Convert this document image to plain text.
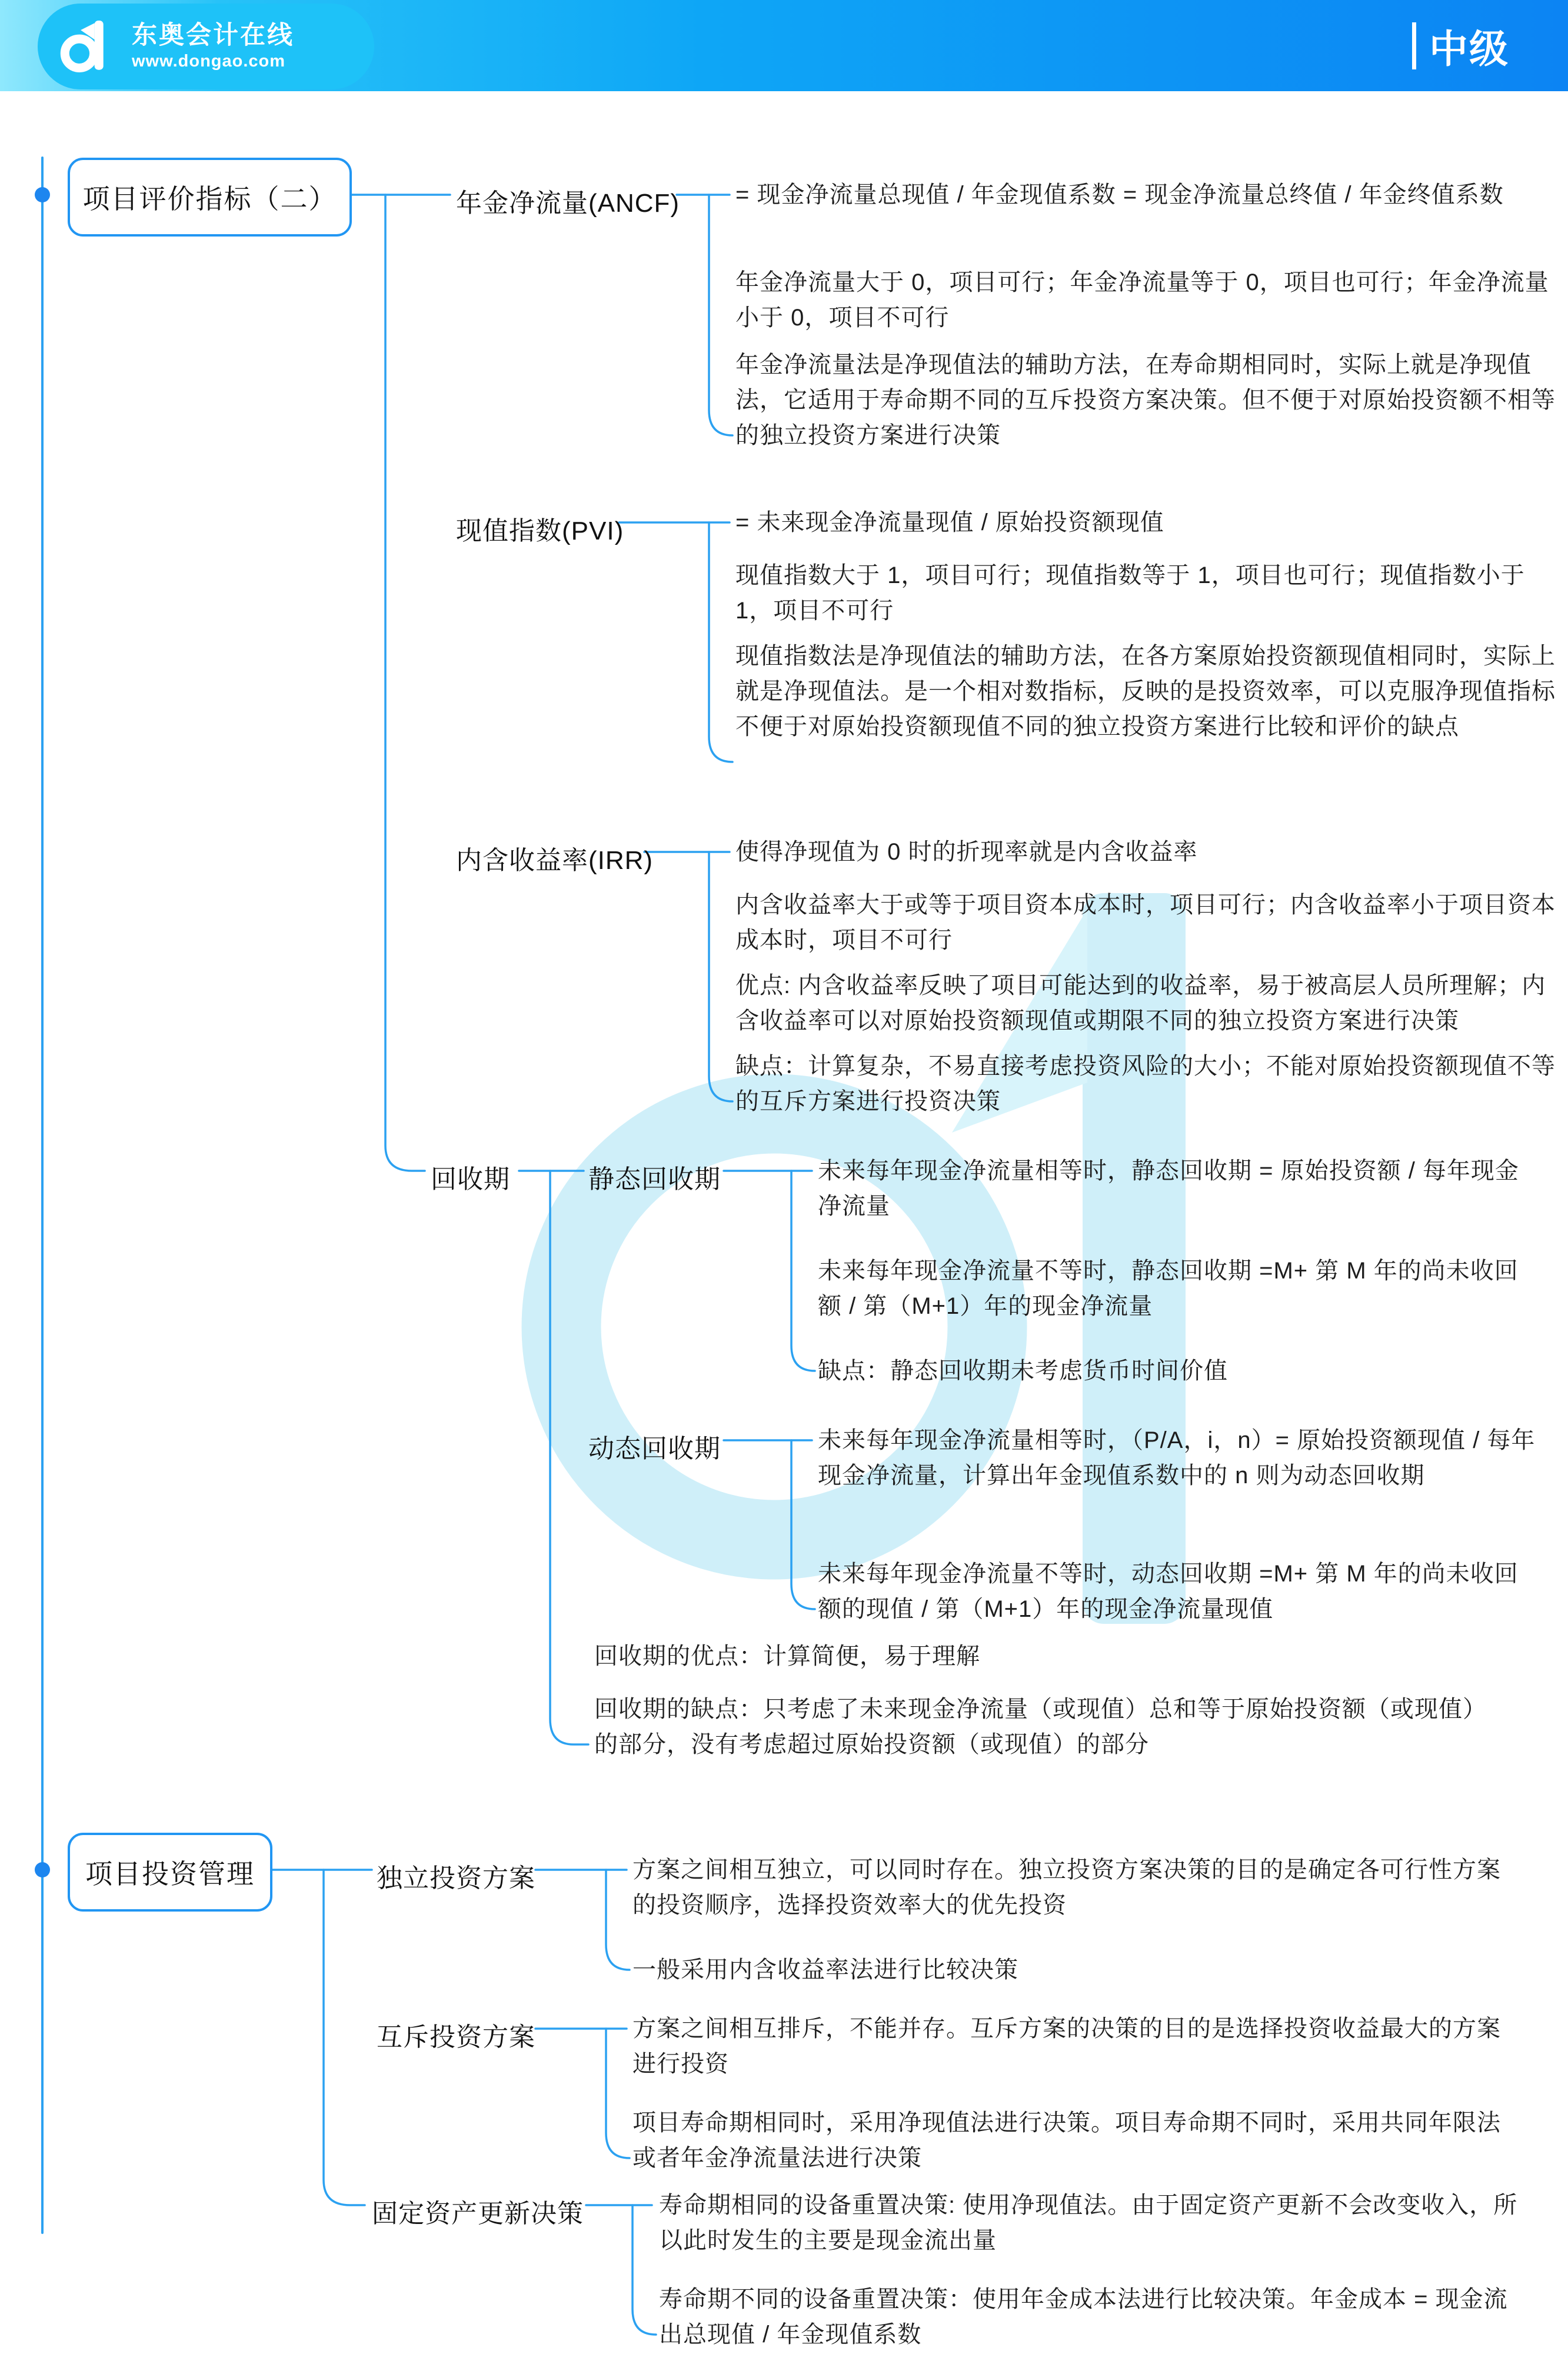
东奥会计在线
www.dongao.com	中级
项目评价指标（二）	年金净流量(ANCF) = 现金净流量总现值 / 年金现值系数 = 现金净流量总终值 / 年金终值系数
年金净流量大于 0，项目可行；年金净流量等于 0，项目也可行；年金净流量小于 0，项目不可行
年金净流量法是净现值法的辅助方法，在寿命期相同时，实际上就是净现值法，它适用于寿命期不同的互斥投资方案决策。但不便于对原始投资额不相等的独立投资方案进行决策
现值指数(PVI)	= 未来现金净流量现值 / 原始投资额现值
现值指数大于 1，项目可行；现值指数等于 1，项目也可行；现值指数小于 1，项目不可行
现值指数法是净现值法的辅助方法，在各方案原始投资额现值相同时，实际上就是净现值法。是一个相对数指标，反映的是投资效率，可以克服净现值指标不便于对原始投资额现值不同的独立投资方案进行比较和评价的缺点
内含收益率(IRR)	使得净现值为 0 时的折现率就是内含收益率
内含收益率大于或等于项目资本成本时，项目可行；内含收益率小于项目资本成本时，项目不可行
优点: 内含收益率反映了项目可能达到的收益率，易于被高层人员所理解；内含收益率可以对原始投资额现值或期限不同的独立投资方案进行决策
缺点：计算复杂，不易直接考虑投资风险的大小；不能对原始投资额现值不等的互斥方案进行投资决策
回收期	静态回收期	未来每年现金净流量相等时，静态回收期 = 原始投资额 / 每年现金净流量
未来每年现金净流量不等时，静态回收期 =M+ 第 M 年的尚未收回额 / 第（M+1）年的现金净流量
缺点：静态回收期未考虑货币时间价值
动态回收期	未来每年现金净流量相等时，（P/A，i，n）= 原始投资额现值 / 每年现金净流量，计算出年金现值系数中的 n 则为动态回收期
未来每年现金净流量不等时，动态回收期 =M+ 第 M 年的尚未收回额的现值 / 第（M+1）年的现金净流量现值
回收期的优点：计算简便，易于理解
回收期的缺点：只考虑了未来现金净流量（或现值）总和等于原始投资额（或现值）的部分，没有考虑超过原始投资额（或现值）的部分
项目投资管理	独立投资方案	方案之间相互独立，可以同时存在。独立投资方案决策的目的是确定各可行性方案的投资顺序，选择投资效率大的优先投资
一般采用内含收益率法进行比较决策
互斥投资方案	方案之间相互排斥，不能并存。互斥方案的决策的目的是选择投资收益最大的方案进行投资
项目寿命期相同时，采用净现值法进行决策。项目寿命期不同时，采用共同年限法或者年金净流量法进行决策
固定资产更新决策	寿命期相同的设备重置决策: 使用净现值法。由于固定资产更新不会改变收入，所以此时发生的主要是现金流出量
寿命期不同的设备重置决策：使用年金成本法进行比较决策。年金成本 = 现金流出总现值 / 年金现值系数
